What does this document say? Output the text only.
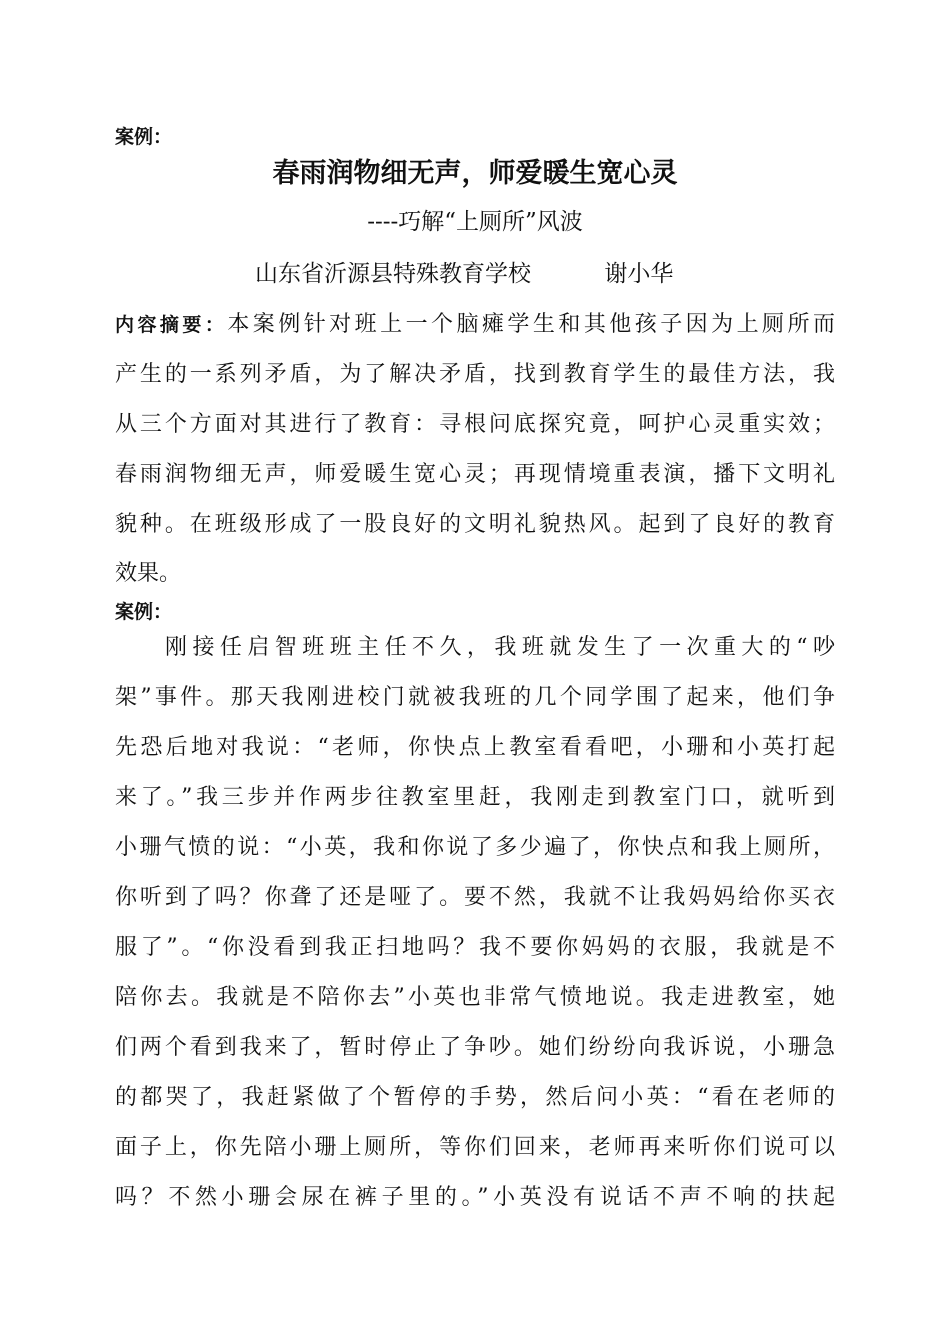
案例：
春雨润物细无声，师爱暖生宽心灵
----巧解“上厕所”风波
山东省沂源县特殊教育学校	谢小华
内容摘要：本案例针对班上一个脑瘫学生和其他孩子因为上厕所而
产生的一系列矛盾，为了解决矛盾，找到教育学生的最佳方法，我
从三个方面对其进行了教育：寻根问底探究竟，呵护心灵重实效；
春雨润物细无声，师爱暖生宽心灵；再现情境重表演，播下文明礼
貌种。在班级形成了一股良好的文明礼貌热风。起到了良好的教育
效果。
案例：
刚接任启智班班主任不久，我班就发生了一次重大的“吵
架”事件。那天我刚进校门就被我班的几个同学围了起来，他们争
先恐后地对我说：“老师，你快点上教室看看吧，小珊和小英打起
来了。”我三步并作两步往教室里赶，我刚走到教室门口，就听到
小珊气愤的说：“小英，我和你说了多少遍了，你快点和我上厕所，
你听到了吗？你聋了还是哑了。要不然，我就不让我妈妈给你买衣
服了”。“你没看到我正扫地吗？我不要你妈妈的衣服，我就是不
陪你去。我就是不陪你去”小英也非常气愤地说。我走进教室，她
们两个看到我来了，暂时停止了争吵。她们纷纷向我诉说，小珊急
的都哭了，我赶紧做了个暂停的手势，然后问小英：“看在老师的
面子上，你先陪小珊上厕所，等你们回来，老师再来听你们说可以
吗？不然小珊会尿在裤子里的。”小英没有说话不声不响的扶起
